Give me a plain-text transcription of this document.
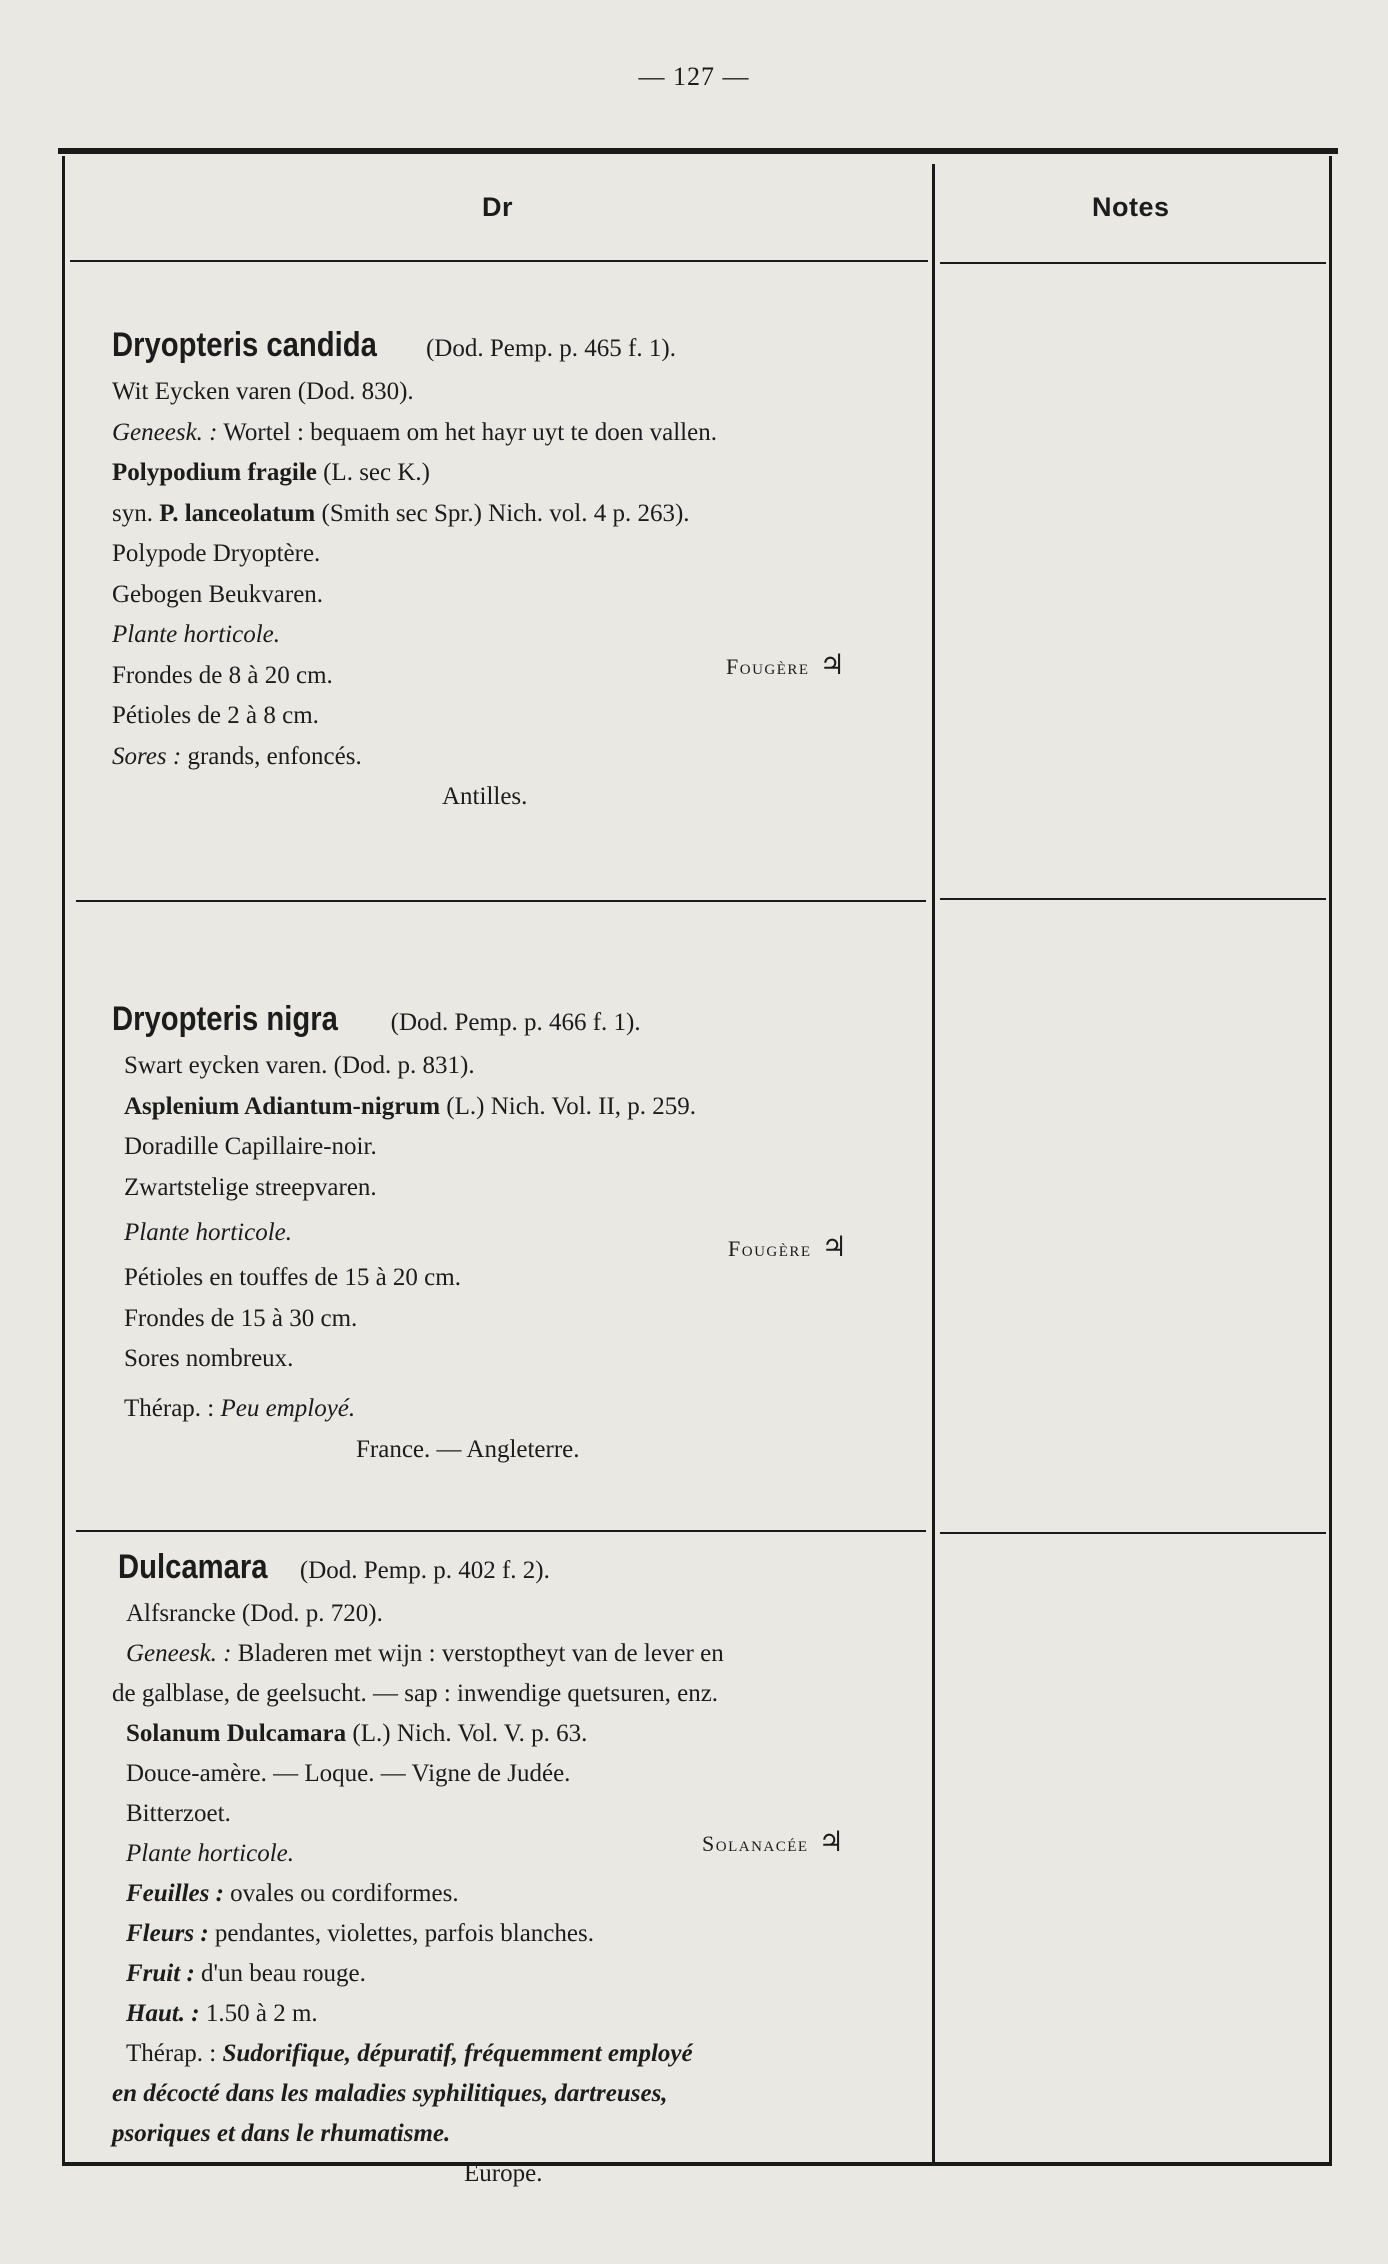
— 127 —
Dr	Notes
Dryopteris candida (Dod. Pemp. p. 465 f. 1).
Wit Eycken varen (Dod. 830).
Geneesk. : Wortel : bequaem om het hayr uyt te doen vallen.
Polypodium fragile (L. sec K.)
syn. P. lanceolatum (Smith sec Spr.) Nich. vol. 4 p. 263).
Polypode Dryoptère.
Gebogen Beukvaren.
Plante horticole.
Frondes de 8 à 20 cm.
Pétioles de 2 à 8 cm.
Sores : grands, enfoncés.
Antilles.
Fougère ♃
Dryopteris nigra (Dod. Pemp. p. 466 f. 1).
Swart eycken varen. (Dod. p. 831).
Asplenium Adiantum-nigrum (L.) Nich. Vol. II, p. 259.
Doradille Capillaire-noir.
Zwartstelige streepvaren.
Plante horticole.
Pétioles en touffes de 15 à 20 cm.
Frondes de 15 à 30 cm.
Sores nombreux.
Thérap. : Peu employé.
France. — Angleterre.
Fougère ♃
Dulcamara (Dod. Pemp. p. 402 f. 2).
Alfsrancke (Dod. p. 720).
Geneesk. : Bladeren met wijn : verstoptheyt van de lever en
de galblase, de geelsucht. — sap : inwendige quetsuren, enz.
Solanum Dulcamara (L.) Nich. Vol. V. p. 63.
Douce-amère. — Loque. — Vigne de Judée.
Bitterzoet.
Plante horticole.
Feuilles : ovales ou cordiformes.
Fleurs : pendantes, violettes, parfois blanches.
Fruit : d'un beau rouge.
Haut. : 1.50 à 2 m.
Thérap. : Sudorifique, dépuratif, fréquemment employé
en décocté dans les maladies syphilitiques, dartreuses,
psoriques et dans le rhumatisme.
Europe.
Solanacée ♃
